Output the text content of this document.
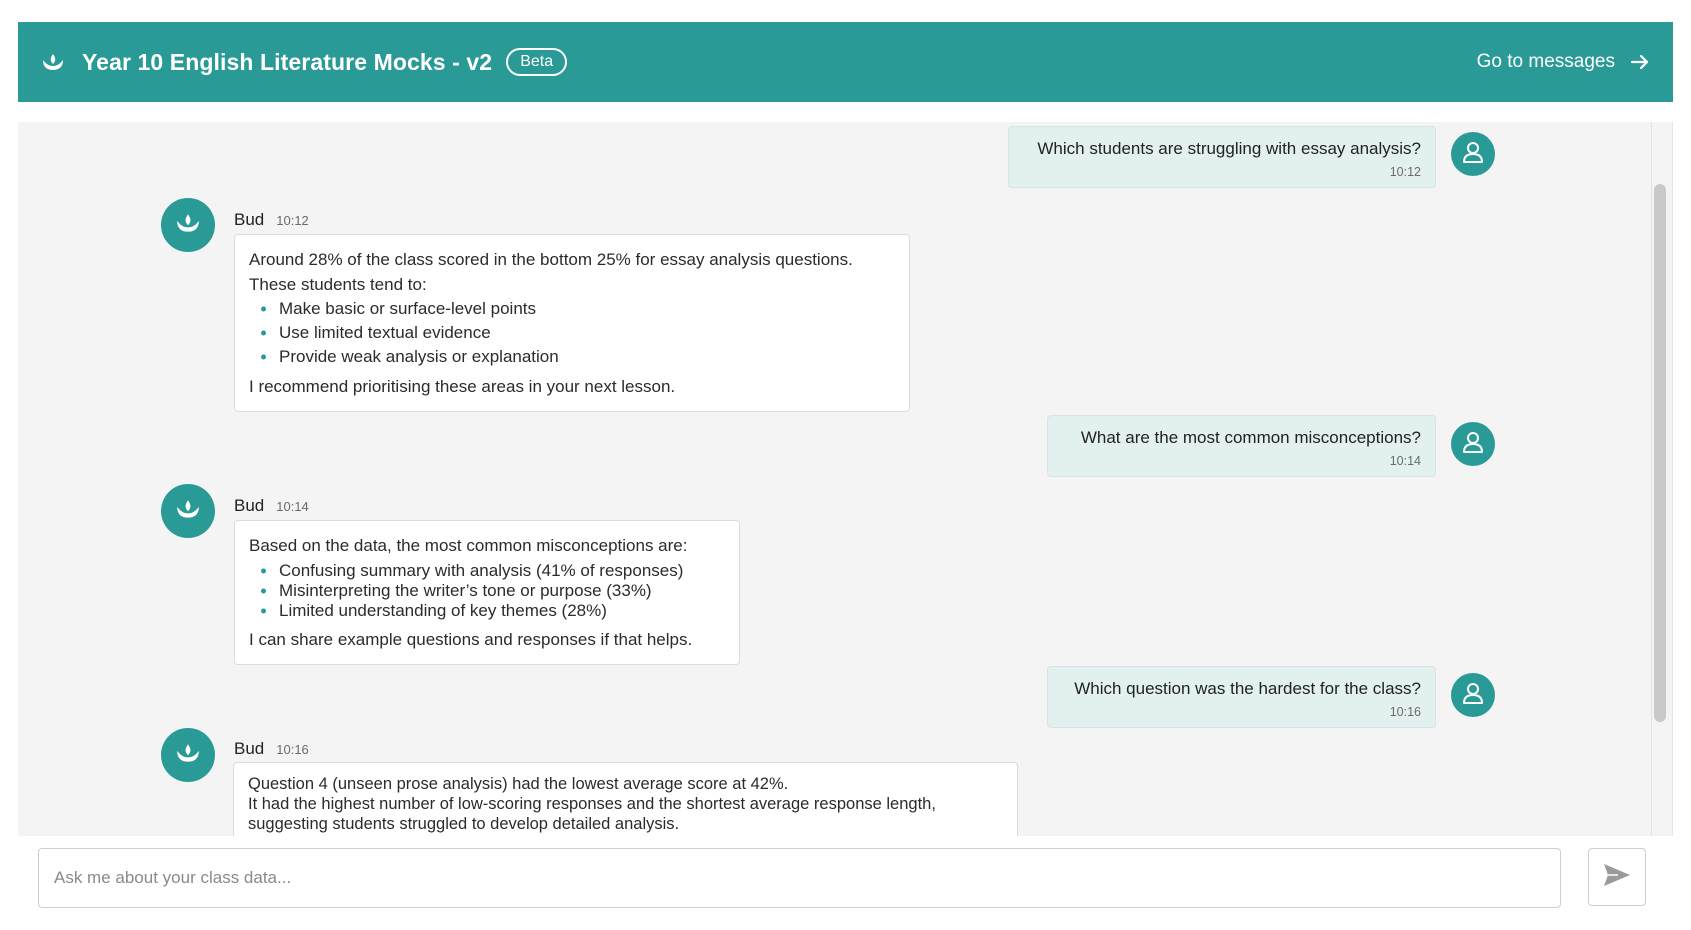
Year 10 English Literature Mocks - v2	Beta	Go to messages
Which students are struggling with essay analysis?
10:12
Bud 10:12

Around 28% of the class scored in the bottom 25% for essay analysis questions.

These students tend to:

Make basic or surface-level points
Use limited textual evidence
Provide weak analysis or explanation

I recommend prioritising these areas in your next lesson.

What are the most common misconceptions?
10:14
Bud 10:14

Based on the data, the most common misconceptions are:

Confusing summary with analysis (41% of responses)
Misinterpreting the writer’s tone or purpose (33%)
Limited understanding of key themes (28%)

I can share example questions and responses if that helps.

Which question was the hardest for the class?
10:16
Bud 10:16

Question 4 (unseen prose analysis) had the lowest average score at 42%.

It had the highest number of low-scoring responses and the shortest average response length,

suggesting students struggled to develop detailed analysis.

Ask me about your class data...
